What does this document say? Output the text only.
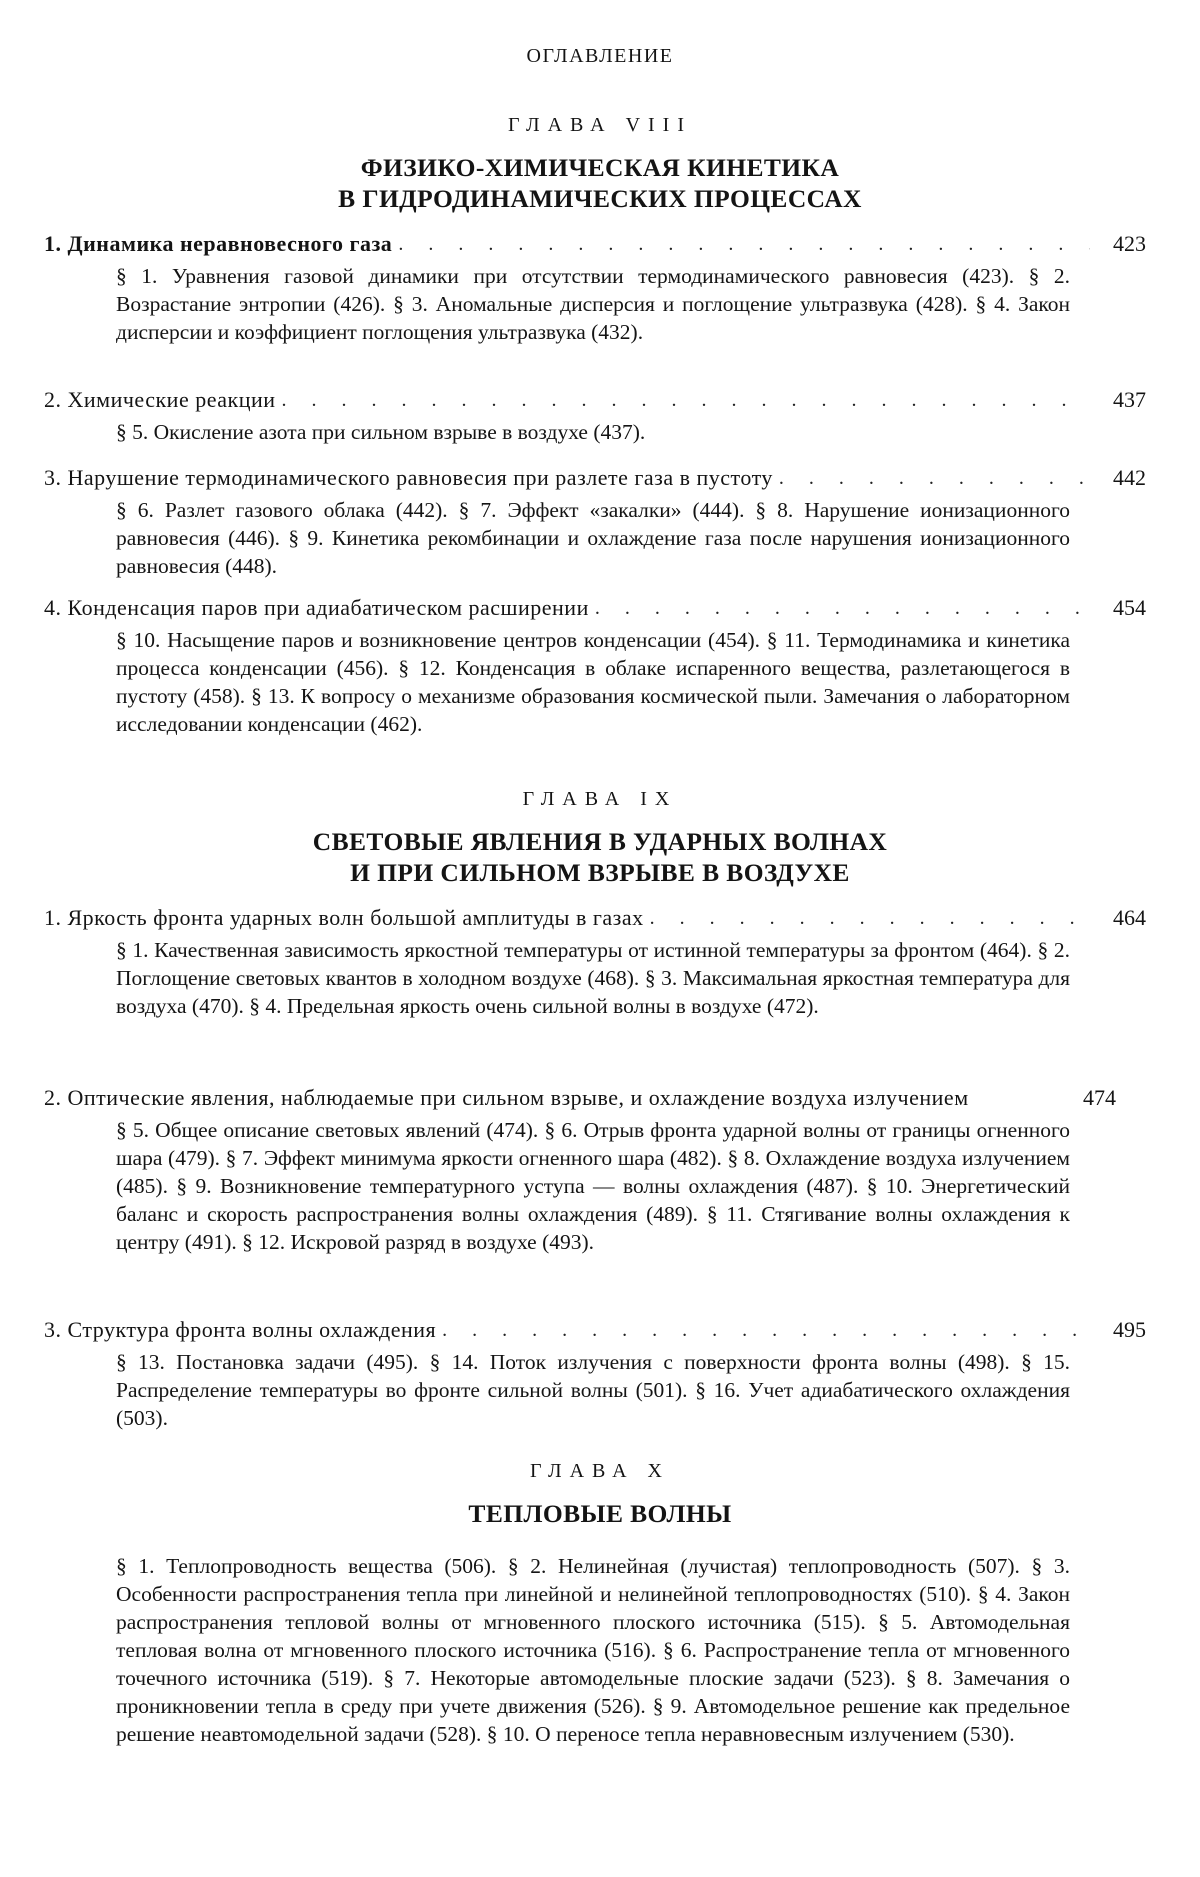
ОГЛАВЛЕНИЕ
ГЛАВА VIII
ФИЗИКО-ХИМИЧЕСКАЯ КИНЕТИКА
В ГИДРОДИНАМИЧЕСКИХ ПРОЦЕССАХ
1. Динамика неравновесного газа . . .	423
§ 1. Уравнения газовой динамики при отсутствии термодинамического равновесия (423). § 2. Возрастание энтропии (426). § 3. Аномальные дисперсия и поглощение ультразвука (428). § 4. Закон дисперсии и коэффициент поглощения ультразвука (432).
2. Химические реакции . . .	437
§ 5. Окисление азота при сильном взрыве в воздухе (437).
3. Нарушение термодинамического равновесия при разлете газа в пустоту . . .	442
§ 6. Разлет газового облака (442). § 7. Эффект «закалки» (444). § 8. Нарушение ионизационного равновесия (446). § 9. Кинетика рекомбинации и охлаждение газа после нарушения ионизационного равновесия (448).
4. Конденсация паров при адиабатическом расширении . . .	454
§ 10. Насыщение паров и возникновение центров конденсации (454). § 11. Термодинамика и кинетика процесса конденсации (456). § 12. Конденсация в облаке испаренного вещества, разлетающегося в пустоту (458). § 13. К вопросу о механизме образования космической пыли. Замечания о лабораторном исследовании конденсации (462).
ГЛАВА IX
СВЕТОВЫЕ ЯВЛЕНИЯ В УДАРНЫХ ВОЛНАХ
И ПРИ СИЛЬНОМ ВЗРЫВЕ В ВОЗДУХЕ
1. Яркость фронта ударных волн большой амплитуды в газах . . .	464
§ 1. Качественная зависимость яркостной температуры от истинной температуры за фронтом (464). § 2. Поглощение световых квантов в холодном воздухе (468). § 3. Максимальная яркостная температура для воздуха (470). § 4. Предельная яркость очень сильной волны в воздухе (472).
2. Оптические явления, наблюдаемые при сильном взрыве, и охлаждение воздуха излучением	474
§ 5. Общее описание световых явлений (474). § 6. Отрыв фронта ударной волны от границы огненного шара (479). § 7. Эффект минимума яркости огненного шара (482). § 8. Охлаждение воздуха излучением (485). § 9. Возникновение температурного уступа — волны охлаждения (487). § 10. Энергетический баланс и скорость распространения волны охлаждения (489). § 11. Стягивание волны охлаждения к центру (491). § 12. Искровой разряд в воздухе (493).
3. Структура фронта волны охлаждения . . .	495
§ 13. Постановка задачи (495). § 14. Поток излучения с поверхности фронта волны (498). § 15. Распределение температуры во фронте сильной волны (501). § 16. Учет адиабатического охлаждения (503).
ГЛАВА X
ТЕПЛОВЫЕ ВОЛНЫ
§ 1. Теплопроводность вещества (506). § 2. Нелинейная (лучистая) теплопроводность (507). § 3. Особенности распространения тепла при линейной и нелинейной теплопроводностях (510). § 4. Закон распространения тепловой волны от мгновенного плоского источника (515). § 5. Автомодельная тепловая волна от мгновенного плоского источника (516). § 6. Распространение тепла от мгновенного точечного источника (519). § 7. Некоторые автомодельные плоские задачи (523). § 8. Замечания о проникновении тепла в среду при учете движения (526). § 9. Автомодельное решение как предельное решение неавтомодельной задачи (528). § 10. О переносе тепла неравновесным излучением (530).
